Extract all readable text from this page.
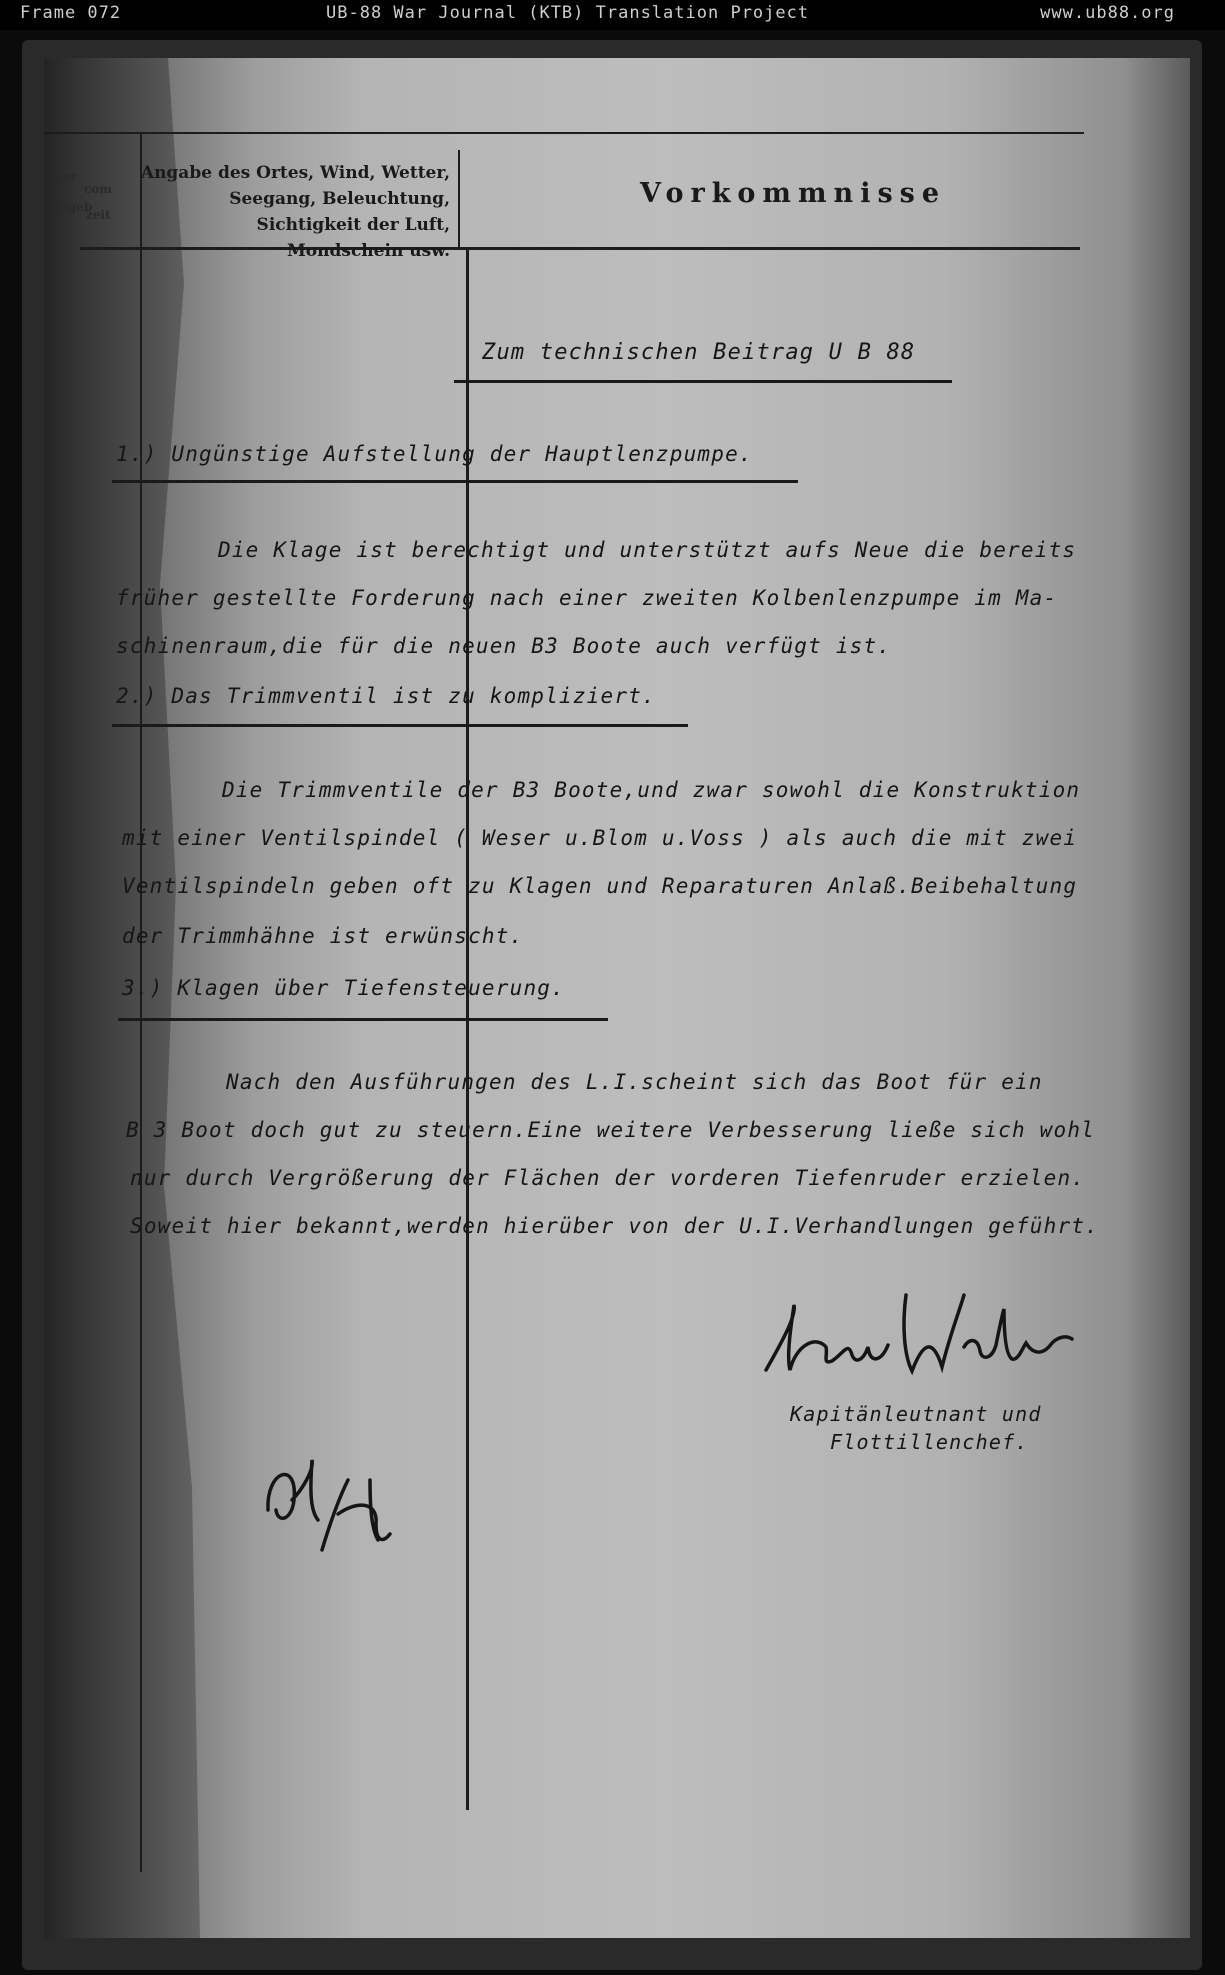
Frame 072	UB-88 War Journal (KTB) Translation Project	www.ub88.org
Der
gegeb
com
zeit
Angabe des Ortes, Wind, Wetter, Seegang, Beleuchtung, Sichtigkeit der Luft, Mondschein usw.
Vorkommnisse
Zum technischen Beitrag U B 88
1.) Ungünstige Aufstellung der Hauptlenzpumpe.
Die Klage ist berechtigt und unterstützt aufs Neue die bereits
früher gestellte Forderung nach einer zweiten Kolbenlenzpumpe im Ma-
schinenraum,die für die neuen B3 Boote auch verfügt ist.
2.) Das Trimmventil ist zu kompliziert.
Die Trimmventile der B3 Boote,und zwar sowohl die Konstruktion
mit einer Ventilspindel ( Weser u.Blom u.Voss ) als auch die mit zwei
Ventilspindeln geben oft zu Klagen und Reparaturen Anlaß.Beibehaltung
der Trimmhähne ist erwünscht.
3.) Klagen über Tiefensteuerung.
Nach den Ausführungen des L.I.scheint sich das Boot für ein
B 3 Boot doch gut zu steuern.Eine weitere Verbesserung ließe sich wohl
nur durch Vergrößerung der Flächen der vorderen Tiefenruder erzielen.
Soweit hier bekannt,werden hierüber von der U.I.Verhandlungen geführt.
Kapitänleutnant und
Flottillenchef.
